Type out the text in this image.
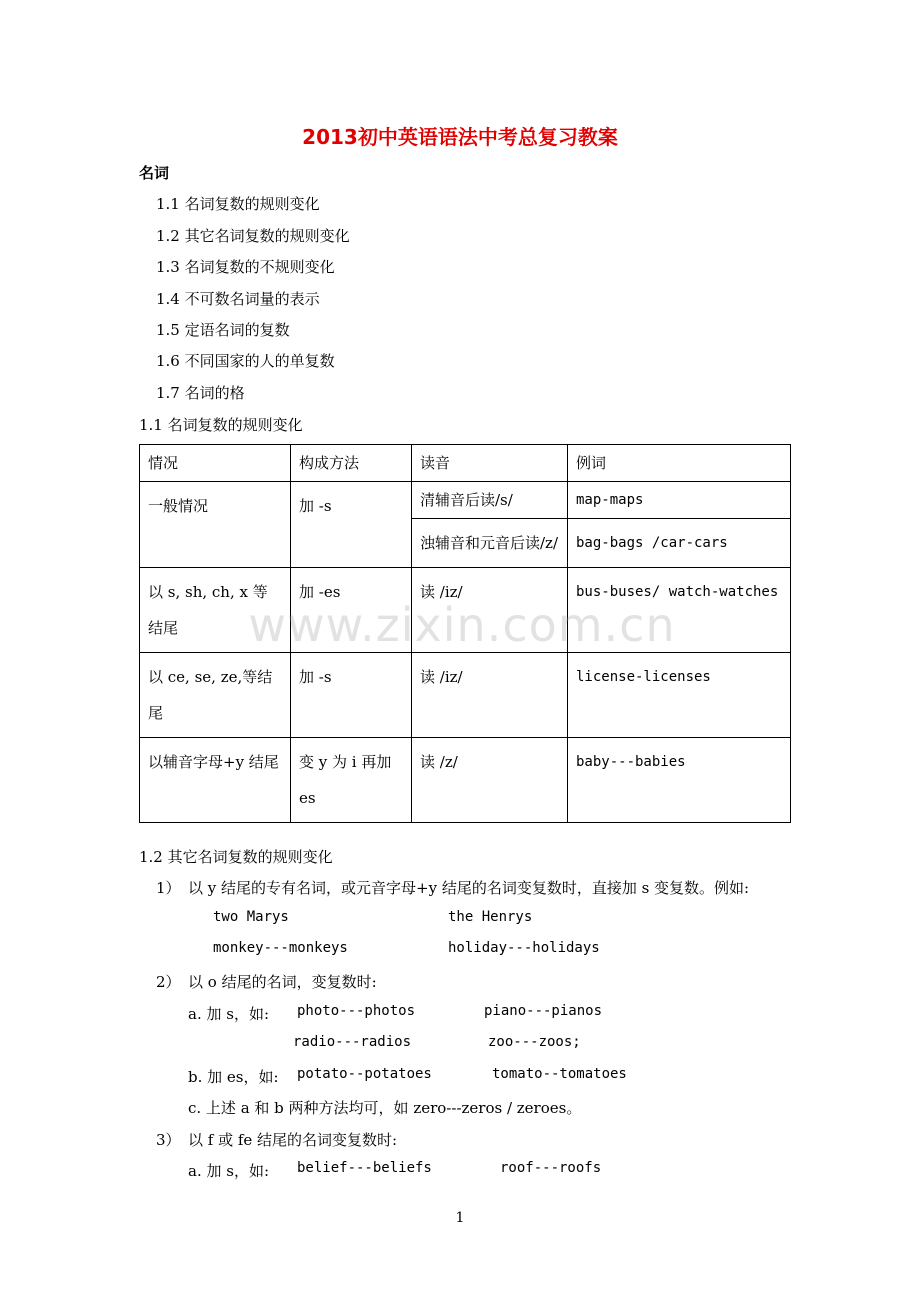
2013初中英语语法中考总复习教案
名词
1.1 名词复数的规则变化
1.2 其它名词复数的规则变化
1.3 名词复数的不规则变化
1.4 不可数名词量的表示
1.5 定语名词的复数
1.6 不同国家的人的单复数
1.7 名词的格
1.1 名词复数的规则变化
情况	构成方法	读音	例词
一般情况	加 -s	清辅音后读/s/	map-maps
		浊辅音和元音后读/z/	bag-bags /car-cars
以 s, sh, ch, x 等结尾	加 -es	读 /iz/	bus-buses/ watch-watches
以 ce, se, ze,等结尾	加 -s	读 /iz/	license-licenses
以辅音字母+y 结尾	变 y 为 i 再加 es	读 /z/	baby---babies
www.zixin.com.cn
1.2 其它名词复数的规则变化
1） 以 y 结尾的专有名词，或元音字母+y 结尾的名词变复数时，直接加 s 变复数。例如:
two Marys	the Henrys
monkey---monkeys	holiday---holidays
2） 以 o 结尾的名词，变复数时:
a. 加 s，如: photo---photos	piano---pianos
radio---radios	zoo---zoos;
b. 加 es，如: potato--potatoes	tomato--tomatoes
c. 上述 a 和 b 两种方法均可，如 zero---zeros / zeroes。
3） 以 f 或 fe 结尾的名词变复数时:
a. 加 s，如: belief---beliefs	roof---roofs
1
